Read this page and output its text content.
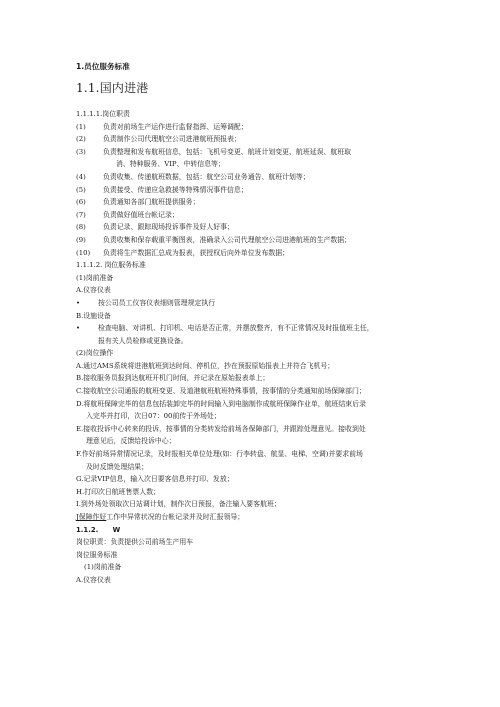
1.员位服务标准
1.1.国内进港
1.1.1.1.岗位职责
(1) 负责对前场生产运作进行监督指挥、运筹调配；
(2) 负责制作公司代理航空公司进港航班预报表；
(3) 负责整理和发布航班信息，包括：飞机号变更、航班计划变更、航班延误、航班取
消、特种服务、VIP、中转信息等；
(4) 负责收集、传递航班数据，包括：航空公司业务通告、航班计划等；
(5) 负责接受、传递应急救援等特殊情况事件信息；
(6) 负责通知各部门航班提供服务；
(7) 负责做好值班台帐记录；
(8) 负责记录、跟踪现场投诉事件及好人好事；
(9) 负责收集和保存载重平衡图表，准确录入公司代理航空公司进港航班的生产数据；
(10) 负责将生产数据汇总成为报表，获授权后向外单位发布数据；
1.1.1.2. 岗位服务标准
(1)岗前准备
A.仪容仪表
•	按公司员工仪容仪表细则管理规定执行
B.设施设备
•	检查电脑、对讲机、打印机、电话是否正常，并摆放整齐，有不正常情况及时报值班主任，
报有关人员检修或更换设备。
(2)岗位操作
A.通过AMS系统将进港航班到达时间、停机位，抄在预报原始报表上并符合飞机号；
B.接收服务员报到达航班开机门时间，并记录在原始报表单上；
C.接收航空公司通报的航班变更、及道港航班航班特殊事情，按事情的分类通知前场保障部门；
D.将航班保障完毕的信息包括装卸完毕的时间输入到电脑制作成航班保障作业单，航班结束后录
入完毕并打印，次日07：00前传于外场处；
E.接收投诉中心转来的投诉，按事情的分类转发给前场各保障部门，并跟踪处理意见。接收到处
理意见后，反馈给投诉中心；
F.作好前场异常情况记录，及时报相关单位处理(如：行李转盘、航显、电梯、空调)并要求前场
及时反馈处理结果；
G.记录VIP信息，输入次日要客信息并打印、发放；
H.打印次日航班售票人数；
I.到外场处领取次日站调计划，制作次日预报，备注输入要客航班；
J保障作好工作中异常状况的台帐记录并及时汇报领导；
1.1.2. W
岗位职责：负责提供公司前场生产用车
岗位服务标准
(1)岗前准备
A.仪容仪表
